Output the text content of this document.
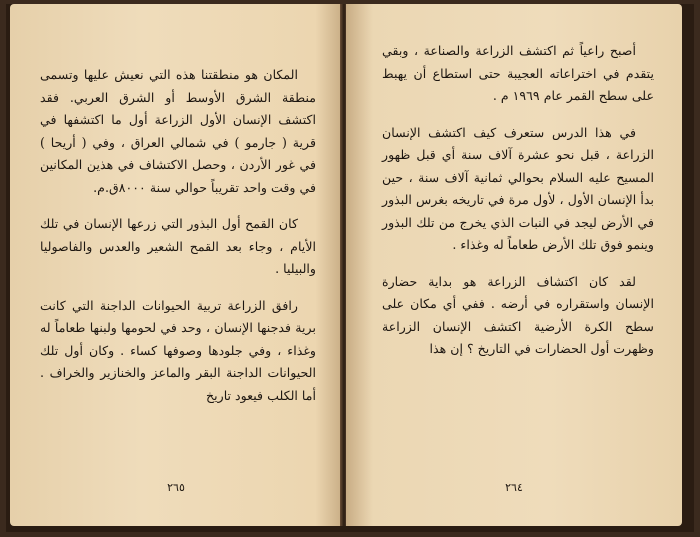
المكان هو منطقتنا هذه التي نعيش عليها وتسمى منطقة الشرق الأوسط أو الشرق العربي. فقد اكتشف الإنسان الأول الزراعة أول ما اكتشفها في قرية ( جارمو ) في شمالي العراق ، وفي ( أريحا ) في غور الأردن ، وحصل الاكتشاف في هذين المكانين في وقت واحد تقريباً حوالي سنة ٨٠٠٠ق.م.

كان القمح أول البذور التي زرعها الإنسان في تلك الأيام ، وجاء بعد القمح الشعير والعدس والفاصوليا والبيليا .

رافق الزراعة تربية الحيوانات الداجنة التي كانت برية فدجنها الإنسان ، وحد في لحومها ولبنها طعاماً له وغذاء ، وفي جلودها وصوفها كساء . وكان أول تلك الحيوانات الداجنة البقر والماعز والخنازير والخراف . أما الكلب فيعود تاريخ

٢٦٥

أصبح راعياً ثم اكتشف الزراعة والصناعة ، وبقي يتقدم في اختراعاته العجيبة حتى استطاع أن يهبط على سطح القمر عام ١٩٦٩ م .

في هذا الدرس ستعرف كيف اكتشف الإنسان الزراعة ، قبل نحو عشرة آلاف سنة أي قبل ظهور المسيح عليه السلام بحوالي ثمانية آلاف سنة ، حين بدأ الإنسان الأول ، لأول مرة في تاريخه بغرس البذور في الأرض ليجد في النبات الذي يخرج من تلك البذور وينمو فوق تلك الأرض طعاماً له وغذاء .

لقد كان اكتشاف الزراعة هو بداية حضارة الإنسان واستقراره في أرضه . ففي أي مكان على سطح الكرة الأرضية اكتشف الإنسان الزراعة وظهرت أول الحضارات في التاريخ ؟ إن هذا

٢٦٤
